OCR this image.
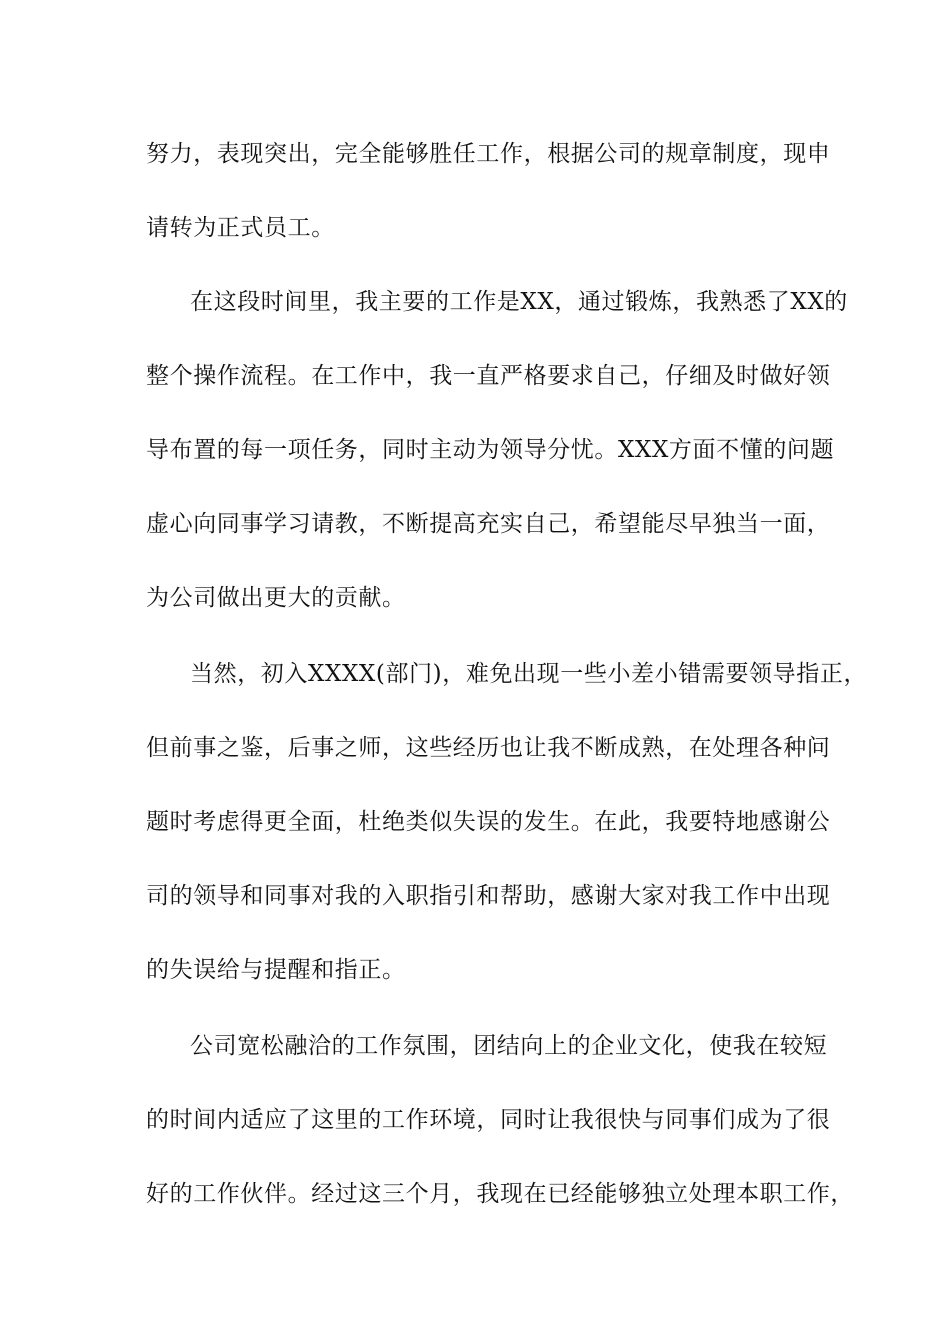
努力，表现突出，完全能够胜任工作，根据公司的规章制度，现申
请转为正式员工。
在这段时间里，我主要的工作是XX，通过锻炼，我熟悉了XX的
整个操作流程。在工作中，我一直严格要求自己，仔细及时做好领
导布置的每一项任务，同时主动为领导分忧。XXX方面不懂的问题
虚心向同事学习请教，不断提高充实自己，希望能尽早独当一面，
为公司做出更大的贡献。
当然，初入XXXX(部门)，难免出现一些小差小错需要领导指正，
但前事之鉴，后事之师，这些经历也让我不断成熟，在处理各种问
题时考虑得更全面，杜绝类似失误的发生。在此，我要特地感谢公
司的领导和同事对我的入职指引和帮助，感谢大家对我工作中出现
的失误给与提醒和指正。
公司宽松融洽的工作氛围，团结向上的企业文化，使我在较短
的时间内适应了这里的工作环境，同时让我很快与同事们成为了很
好的工作伙伴。经过这三个月，我现在已经能够独立处理本职工作，
